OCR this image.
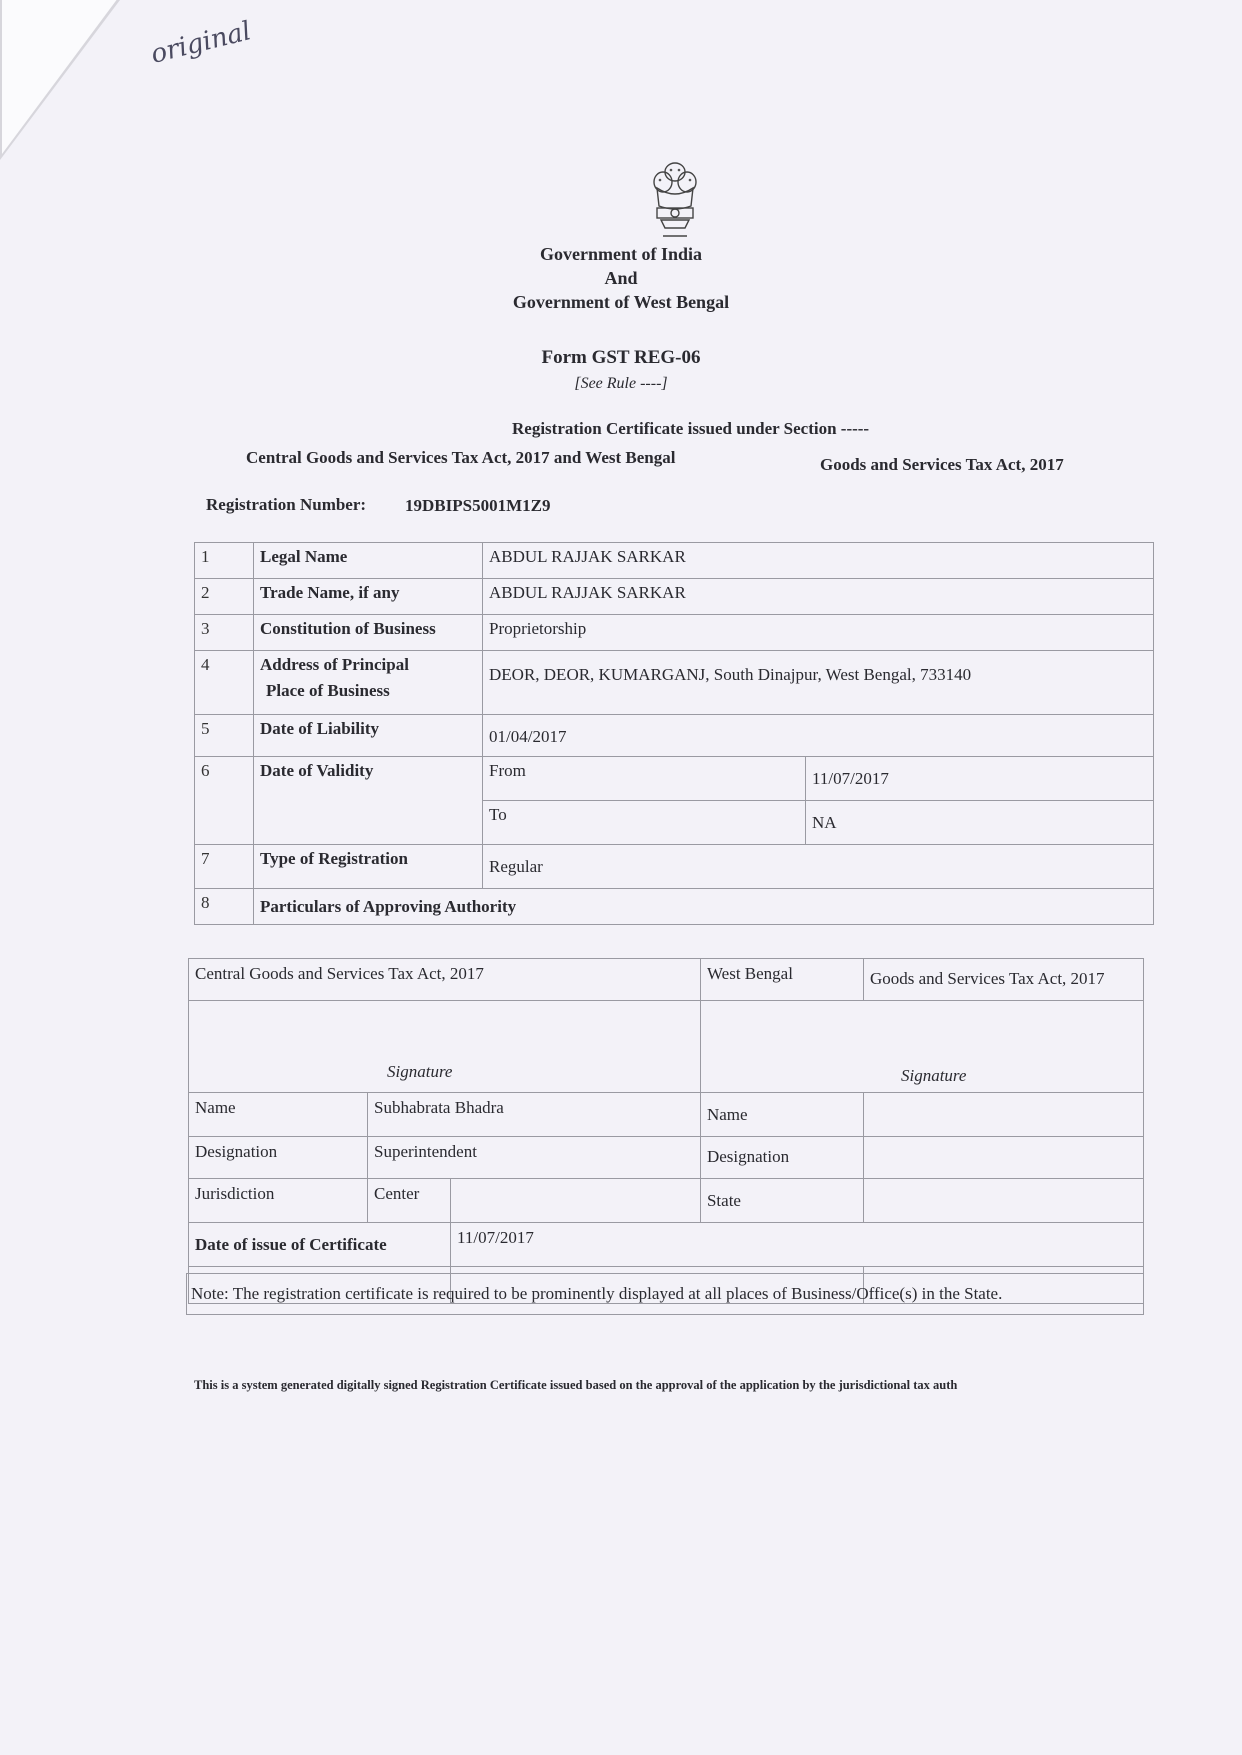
original
Government of India
And
Government of West Bengal
Form GST REG-06
[See Rule ----]
Registration Certificate issued under Section -----
Central Goods and Services Tax Act, 2017 and West Bengal	Goods and Services Tax Act, 2017
Registration Number: 19DBIPS5001M1Z9
1	Legal Name	ABDUL RAJJAK SARKAR	
2	Trade Name, if any	ABDUL RAJJAK SARKAR	
3	Constitution of Business	Proprietorship	
4	Address of Principal
Place of Business	DEOR, DEOR, KUMARGANJ, South Dinajpur, West Bengal, 733140	
5	Date of Liability	01/04/2017	
6	Date of Validity	From	11/07/2017
		To	NA
7	Type of Registration	Regular	
8	Particulars of Approving Authority		
Central Goods and Services Tax Act, 2017			West Bengal	Goods and Services Tax Act, 2017
Signature			Signature	
Name	Subhabrata Bhadra		Name	
Designation	Superintendent		Designation	
Jurisdiction	Center		State	
Date of issue of Certificate		11/07/2017		

Note: The registration certificate is required to be prominently displayed at all places of Business/Office(s) in the State.
This is a system generated digitally signed Registration Certificate issued based on the approval of the application by the jurisdictional tax auth
